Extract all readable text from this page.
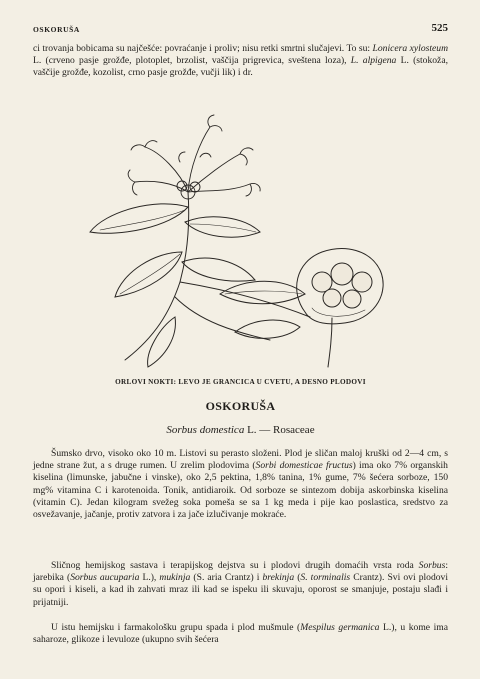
OSKORUŠA	525

ci trovanja bobicama su najčešće: povraćanje i proliv; nisu retki smrtni slučajevi. To su: Lonicera xylosteum L. (crveno pasje grožđe, plotoplet, brzolist, vaščija prigrevica, sveštena loza), L. alpigena L. (stokoža, vaščije grožđe, kozolist, crno pasje grožđe, vučji lik) i dr.

ORLOVI NOKTI: LEVO JE GRANCICA U CVETU, A DESNO PLODOVI
OSKORUŠA
Sorbus domestica L. — Rosaceae

Šumsko drvo, visoko oko 10 m. Listovi su perasto složeni. Plod je sličan maloj kruški od 2—4 cm, s jedne strane žut, a s druge rumen. U zrelim plodovima (Sorbi domesticae fructus) ima oko 7% organskih kiselina (limunske, jabučne i vinske), oko 2,5 pektina, 1,8% tanina, 1% gume, 7% šećera sorboze, 150 mg% vitamina C i karotenoida. Tonik, antidiaroik. Od sorboze se sintezom dobija askorbinska kiselina (vitamin C). Jedan kilogram svežeg soka pomeša se sa 1 kg meda i pije kao poslastica, sredstvo za osvežavanje, jačanje, protiv zatvora i za jače izlučivanje mokraće.

Sličnog hemijskog sastava i terapijskog dejstva su i plodovi drugih domaćih vrsta roda Sorbus: jarebika (Sorbus aucuparia L.), mukinja (S. aria Crantz) i brekinja (S. torminalis Crantz). Svi ovi plodovi su opori i kiseli, a kad ih zahvati mraz ili kad se ispeku ili skuvaju, oporost se smanjuje, postaju slađi i prijatniji.

U istu hemijsku i farmakološku grupu spada i plod mušmule (Mespilus germanica L.), u kome ima saharoze, glikoze i levuloze (ukupno svih šećera
